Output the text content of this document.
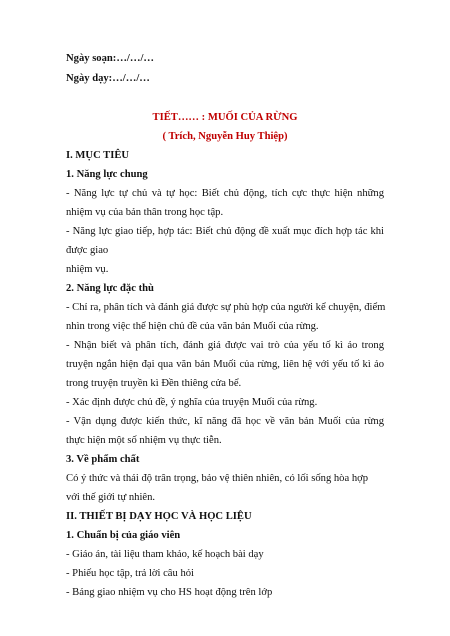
Ngày soạn:…/…/…
Ngày dạy:…/…/…
TIẾT…… : MUỐI CỦA RỪNG
( Trích, Nguyễn Huy Thiệp)
I. MỤC TIÊU
1. Năng lực chung
- Năng lực tự chủ và tự học: Biết chủ động, tích cực thực hiện những
nhiệm vụ của bản thân trong học tập.
- Năng lực giao tiếp, hợp tác: Biết chủ động đề xuất mục đích hợp tác khi
được giao
nhiệm vụ.
2. Năng lực đặc thù
- Chỉ ra, phân tích và đánh giá được sự phù hợp của người kể chuyện, điểm
nhìn trong việc thể hiện chủ đề của văn bản Muối của rừng.
- Nhận biết và phân tích, đánh giá được vai trò của yếu tố kì ảo trong
truyện ngắn hiện đại qua văn bản Muối của rừng, liên hệ với yếu tố kì ảo
trong truyện truyền kì Đền thiêng cửa bể.
- Xác định được chủ đề, ý nghĩa của truyện Muối của rừng.
- Vận dụng được kiến thức, kĩ năng đã học về văn bản Muối của rừng
thực hiện một số nhiệm vụ thực tiễn.
3. Về phẩm chất
Có ý thức và thái độ trân trọng, bảo vệ thiên nhiên, có lối sống hòa hợp
với thế giới tự nhiên.
II. THIẾT BỊ DẠY HỌC VÀ HỌC LIỆU
1. Chuẩn bị của giáo viên
- Giáo án, tài liệu tham khảo, kế hoạch bài dạy
- Phiếu học tập, trả lời câu hỏi
- Bảng giao nhiệm vụ cho HS hoạt động trên lớp
